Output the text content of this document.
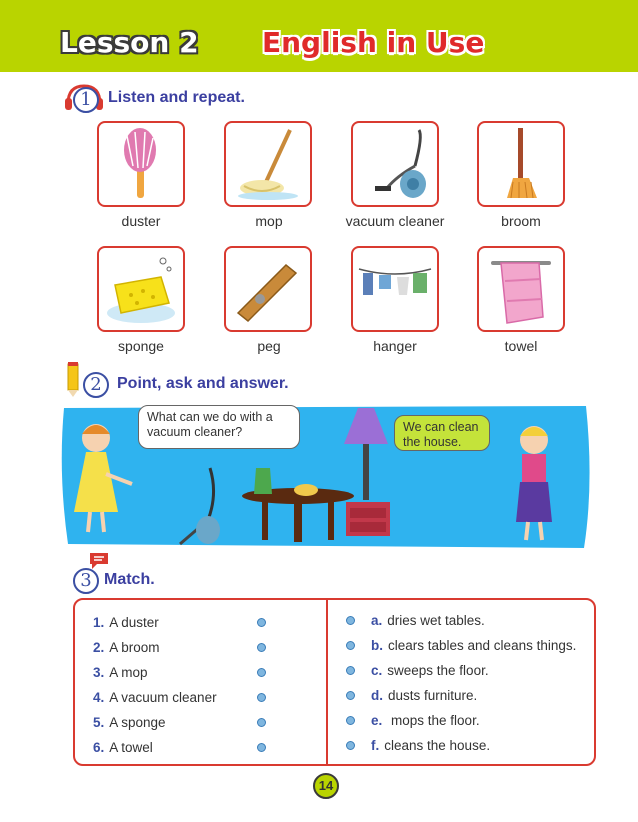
Lesson 2 English in Use
1	Listen and repeat.
duster	mop	vacuum cleaner	broom
sponge	peg	hanger	towel
2 Point, ask and answer.
What can we do with a vacuum cleaner?	We can clean the house.
3 Match.
1. A duster
2. A broom
3. A mop
4. A vacuum cleaner
5. A sponge
6. A towel
a. dries wet tables.
b. clears tables and cleans things.
c. sweeps the floor.
d. dusts furniture.
e. mops the floor.
f. cleans the house.
14
